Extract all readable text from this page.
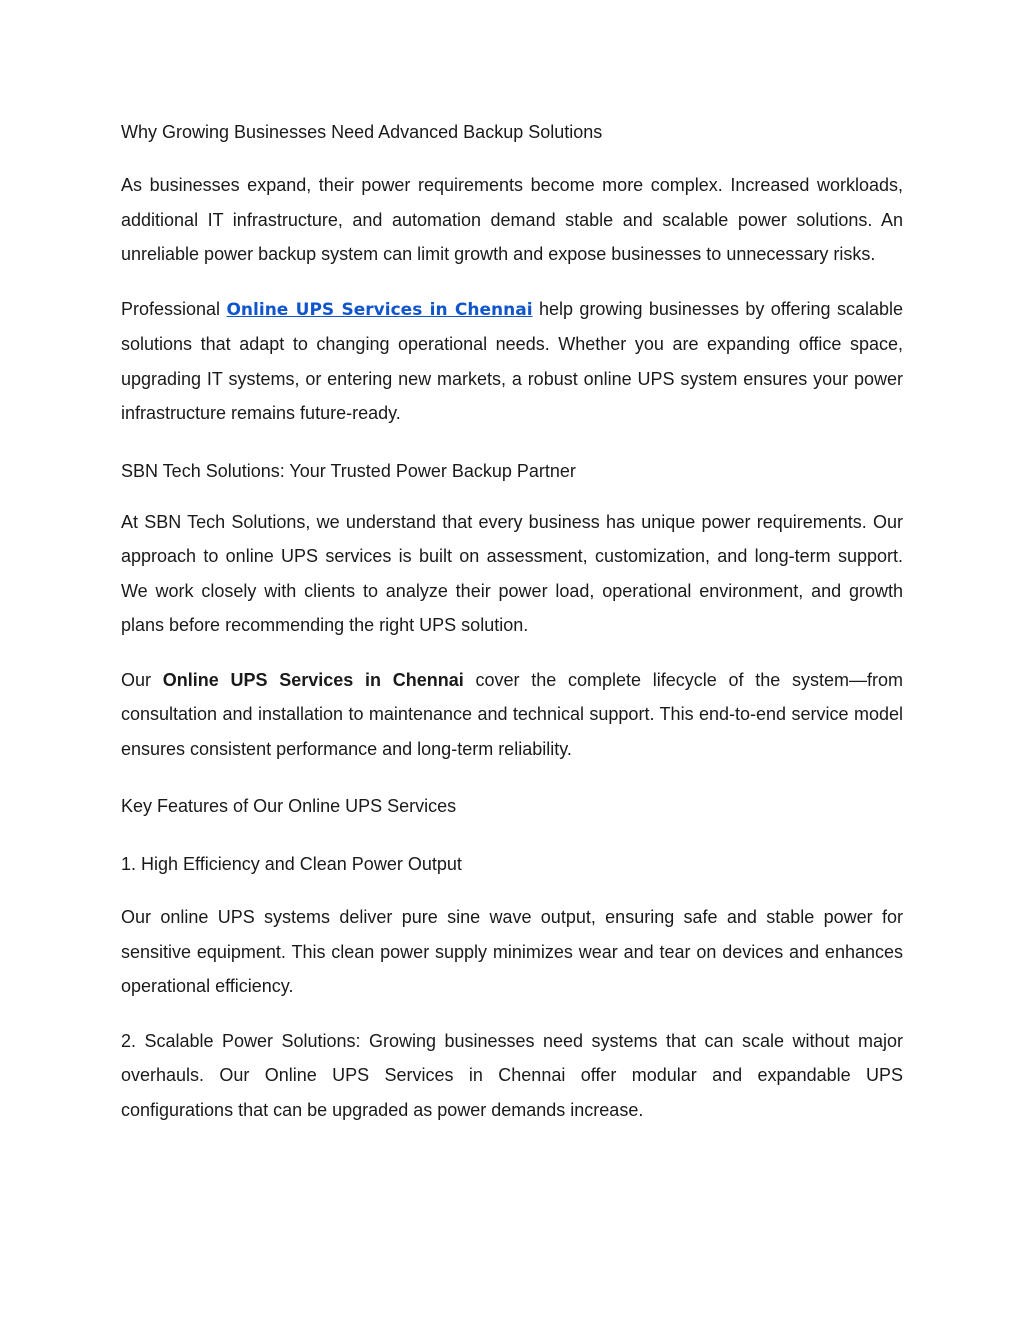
Why Growing Businesses Need Advanced Backup Solutions

As businesses expand, their power requirements become more complex. Increased workloads, additional IT infrastructure, and automation demand stable and scalable power solutions. An unreliable power backup system can limit growth and expose businesses to unnecessary risks.

Professional Online UPS Services in Chennai help growing businesses by offering scalable solutions that adapt to changing operational needs. Whether you are expanding office space, upgrading IT systems, or entering new markets, a robust online UPS system ensures your power infrastructure remains future-ready.

SBN Tech Solutions: Your Trusted Power Backup Partner

At SBN Tech Solutions, we understand that every business has unique power requirements. Our approach to online UPS services is built on assessment, customization, and long-term support. We work closely with clients to analyze their power load, operational environment, and growth plans before recommending the right UPS solution.

Our Online UPS Services in Chennai cover the complete lifecycle of the system—from consultation and installation to maintenance and technical support. This end-to-end service model ensures consistent performance and long-term reliability.

Key Features of Our Online UPS Services

1. High Efficiency and Clean Power Output

Our online UPS systems deliver pure sine wave output, ensuring safe and stable power for sensitive equipment. This clean power supply minimizes wear and tear on devices and enhances operational efficiency.

2. Scalable Power Solutions: Growing businesses need systems that can scale without major overhauls. Our Online UPS Services in Chennai offer modular and expandable UPS configurations that can be upgraded as power demands increase.
